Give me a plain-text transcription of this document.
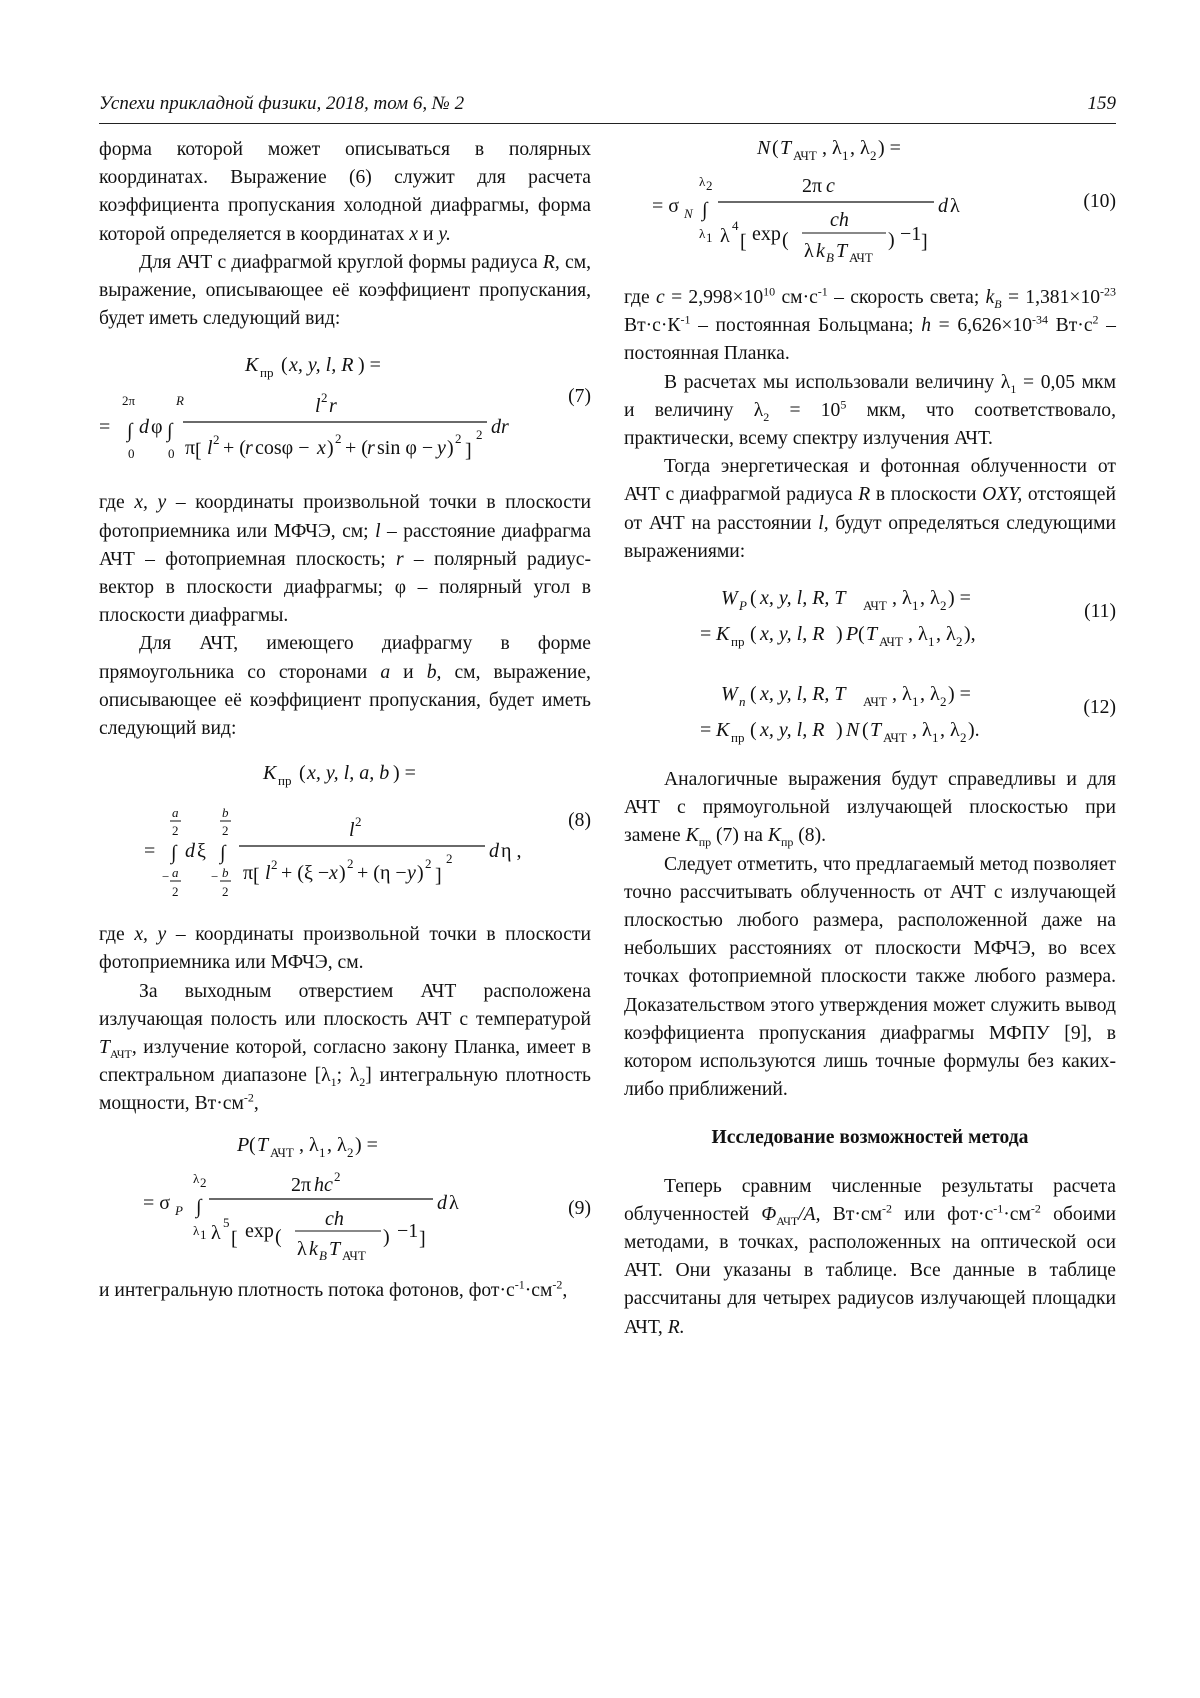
Успехи прикладной физики, 2018, том 6, № 2	159

форма которой может описываться в полярных координатах. Выражение (6) служит для расчета коэффициента пропускания холодной диафрагмы, форма которой определяется в координатах x и y.

Для АЧТ с диафрагмой круглой формы радиуса R, см, выражение, описывающее её коэффициент пропускания, будет иметь следующий вид:

K пр ( x, y, l, R ) =
=
2π
∫
0
d φ
R
∫
0
l 2 r
π [ l 2 + ( r cosφ − x ) 2 + ( r sin φ − y ) 2
]
2 dr
(7)

где x, y – координаты произвольной точки в плоскости фотоприемника или МФЧЭ, см; l – расстояние диафрагма АЧТ – фотоприемная плоскость; r – полярный радиус-вектор в плоскости диафрагмы; φ – полярный угол в плоскости диафрагмы.

Для АЧТ, имеющего диафрагму в форме прямоугольника со сторонами a и b, см, выражение, описывающее её коэффициент пропускания, будет иметь следующий вид:

K пр ( x, y, l, a, b ) =
=
a
2
∫
− a
2
d ξ
b
2
∫
− b
2
l 2
π [ l 2 + (ξ − x ) 2 + (η − y ) 2
]
2 d η ,
(8)

где x, y – координаты произвольной точки в плоскости фотоприемника или МФЧЭ, см.

За выходным отверстием АЧТ расположена излучающая полость или плоскость АЧТ с температурой $T_{АЧТ}$, излучение которой, согласно закону Планка, имеет в спектральном диапазоне [$\lambda_1$; $\lambda_2$] интегральную плотность мощности, $Вт\cdot см^{-2}$,

P ( T АЧТ , λ 1 , λ 2 ) =
= σ P
λ 2
∫
λ 1
2π hc 2
λ 5
[ exp (
ch
λ k B T АЧТ
) −1 ]
d λ	(9)

и интегральную плотность потока фотонов, $фот\cdot с^{-1}\cdot см^{-2}$,

N ( T АЧТ , λ 1 , λ 2 ) =
= σ N
λ 2
∫
λ 1
2π c
λ 4
[ exp (
ch
λ k B T АЧТ
) −1 ]
d λ	(10)

где $c = 2,998\times 10^{10}$ $см\cdot с^{-1}$ – скорость света; $k_B = 1,381\times 10^{-23}$ $Вт\cdot с\cdot К^{-1}$ – постоянная Больцмана; $h = 6,626\times 10^{-34}$ $Вт\cdot с^2$ – постоянная Планка.

В расчетах мы использовали величину $\lambda_1 = 0,05$ мкм и величину $\lambda_2 = 10^5$ мкм, что соответствовало, практически, всему спектру излучения АЧТ.

Тогда энергетическая и фотонная облученности от АЧТ с диафрагмой радиуса R в плоскости OXY, отстоящей от АЧТ на расстоянии l, будут определяться следующими выражениями:

W P ( x, y, l, R, T АЧТ , λ 1 , λ 2 ) =
= K пр ( x, y, l, R ) P ( T АЧТ , λ 1 , λ 2 ),
(11)
W n ( x, y, l, R, T АЧТ , λ 1 , λ 2 ) =
= K пр ( x, y, l, R ) N ( T АЧТ , λ 1 , λ 2 ).
(12)

Аналогичные выражения будут справедливы и для АЧТ с прямоугольной излучающей плоскостью при замене $K_{пр}$ (7) на $K_{пр}$ (8).

Следует отметить, что предлагаемый метод позволяет точно рассчитывать облученность от АЧТ с излучающей плоскостью любого размера, расположенной даже на небольших расстояниях от плоскости МФЧЭ, во всех точках фотоприемной плоскости также любого размера. Доказательством этого утверждения может служить вывод коэффициента пропускания диафрагмы МФПУ [9], в котором используются лишь точные формулы без каких-либо приближений.

Исследование возможностей метода

Теперь сравним численные результаты расчета облученностей $\Phi_{АЧТ}/A$, $Вт\cdot см^{-2}$ или $фот\cdot с^{-1}\cdot см^{-2}$ обоими методами, в точках, расположенных на оптической оси АЧТ. Они указаны в таблице. Все данные в таблице рассчитаны для четырех радиусов излучающей площадки АЧТ, R.
